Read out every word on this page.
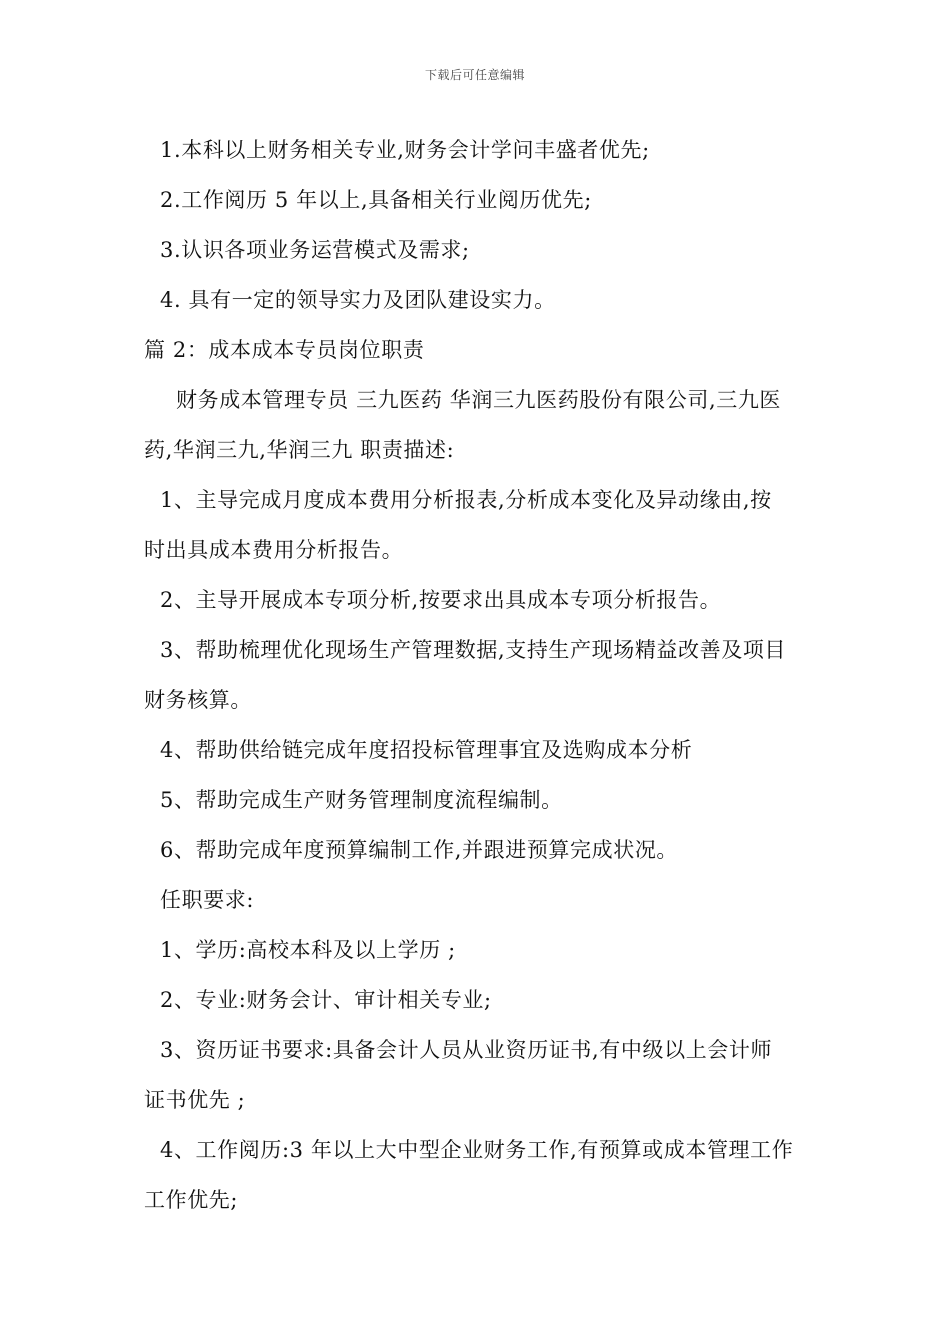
下载后可任意编辑
1.本科以上财务相关专业,财务会计学问丰盛者优先;
2.工作阅历 5 年以上,具备相关行业阅历优先;
3.认识各项业务运营模式及需求;
4. 具有一定的领导实力及团队建设实力。
篇 2：成本成本专员岗位职责
财务成本管理专员 三九医药 华润三九医药股份有限公司,三九医
药,华润三九,华润三九 职责描述:
1、主导完成月度成本费用分析报表,分析成本变化及异动缘由,按
时出具成本费用分析报告。
2、主导开展成本专项分析,按要求出具成本专项分析报告。
3、帮助梳理优化现场生产管理数据,支持生产现场精益改善及项目
财务核算。
4、帮助供给链完成年度招投标管理事宜及选购成本分析
5、帮助完成生产财务管理制度流程编制。
6、帮助完成年度预算编制工作,并跟进预算完成状况。
任职要求:
1、学历:高校本科及以上学历 ;
2、专业:财务会计、审计相关专业;
3、资历证书要求:具备会计人员从业资历证书,有中级以上会计师
证书优先 ;
4、工作阅历:3 年以上大中型企业财务工作,有预算或成本管理工作
工作优先;
